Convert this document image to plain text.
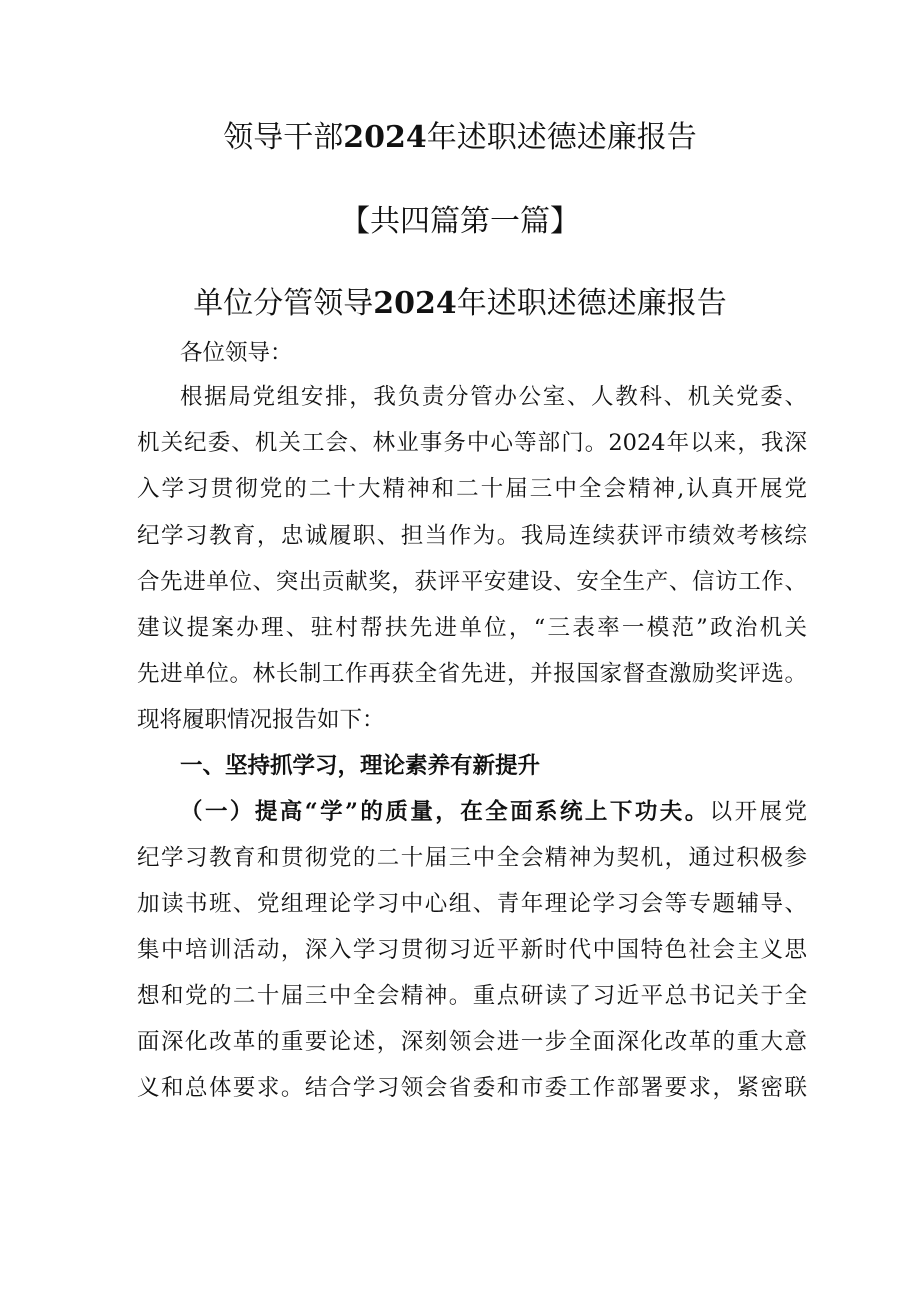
领导干部2024年述职述德述廉报告
【共四篇第一篇】
单位分管领导2024年述职述德述廉报告
各位领导：
根据局党组安排，我负责分管办公室、人教科、机关党委、
机关纪委、机关工会、林业事务中心等部门。2024年以来，我深
入学习贯彻党的二十大精神和二十届三中全会精神,认真开展党
纪学习教育，忠诚履职、担当作为。我局连续获评市绩效考核综
合先进单位、突出贡献奖，获评平安建设、安全生产、信访工作、
建议提案办理、驻村帮扶先进单位，“三表率一模范”政治机关
先进单位。林长制工作再获全省先进，并报国家督查激励奖评选。
现将履职情况报告如下：
一、坚持抓学习，理论素养有新提升
（一）提高“学”的质量，在全面系统上下功夫。以开展党
纪学习教育和贯彻党的二十届三中全会精神为契机，通过积极参
加读书班、党组理论学习中心组、青年理论学习会等专题辅导、
集中培训活动，深入学习贯彻习近平新时代中国特色社会主义思
想和党的二十届三中全会精神。重点研读了习近平总书记关于全
面深化改革的重要论述，深刻领会进一步全面深化改革的重大意
义和总体要求。结合学习领会省委和市委工作部署要求，紧密联
